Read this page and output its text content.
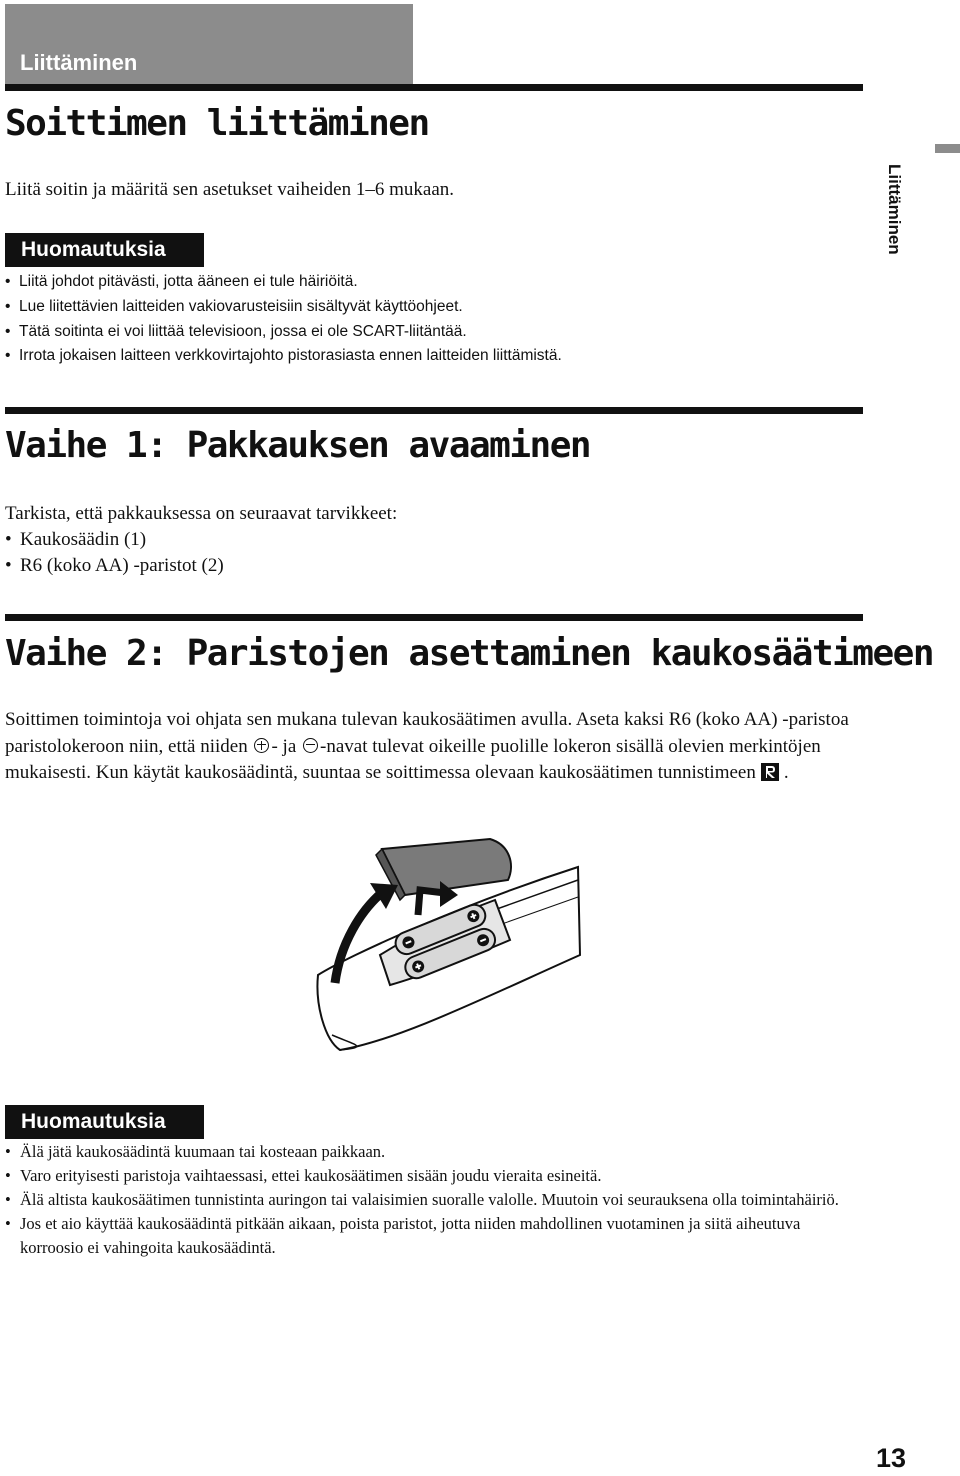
Liittäminen
Liittäminen
Soittimen liittäminen
Liitä soitin ja määritä sen asetukset vaiheiden 1–6 mukaan.
Huomautuksia
• Liitä johdot pitävästi, jotta ääneen ei tule häiriöitä.
• Lue liitettävien laitteiden vakiovarusteisiin sisältyvät käyttöohjeet.
• Tätä soitinta ei voi liittää televisioon, jossa ei ole SCART-liitäntää.
• Irrota jokaisen laitteen verkkovirtajohto pistorasiasta ennen laitteiden liittämistä.
Vaihe 1: Pakkauksen avaaminen
Tarkista, että pakkauksessa on seuraavat tarvikkeet:
• Kaukosäädin (1)
• R6 (koko AA) -paristot (2)
Vaihe 2: Paristojen asettaminen kaukosäätimeen
Soittimen toimintoja voi ohjata sen mukana tulevan kaukosäätimen avulla. Aseta kaksi R6 (koko AA) -paristoa paristolokeroon niin, että niiden - ja -navat tulevat oikeille puolille lokeron sisällä olevien merkintöjen mukaisesti. Kun käytät kaukosäädintä, suuntaa se soittimessa olevaan kaukosäätimen tunnistimeen .
Huomautuksia
• Älä jätä kaukosäädintä kuumaan tai kosteaan paikkaan.
• Varo erityisesti paristoja vaihtaessasi, ettei kaukosäätimen sisään joudu vieraita esineitä.
• Älä altista kaukosäätimen tunnistinta auringon tai valaisimien suoralle valolle. Muutoin voi seurauksena olla toimintahäiriö.
• Jos et aio käyttää kaukosäädintä pitkään aikaan, poista paristot, jotta niiden mahdollinen vuotaminen ja siitä aiheutuva korroosio ei vahingoita kaukosäädintä.
13
